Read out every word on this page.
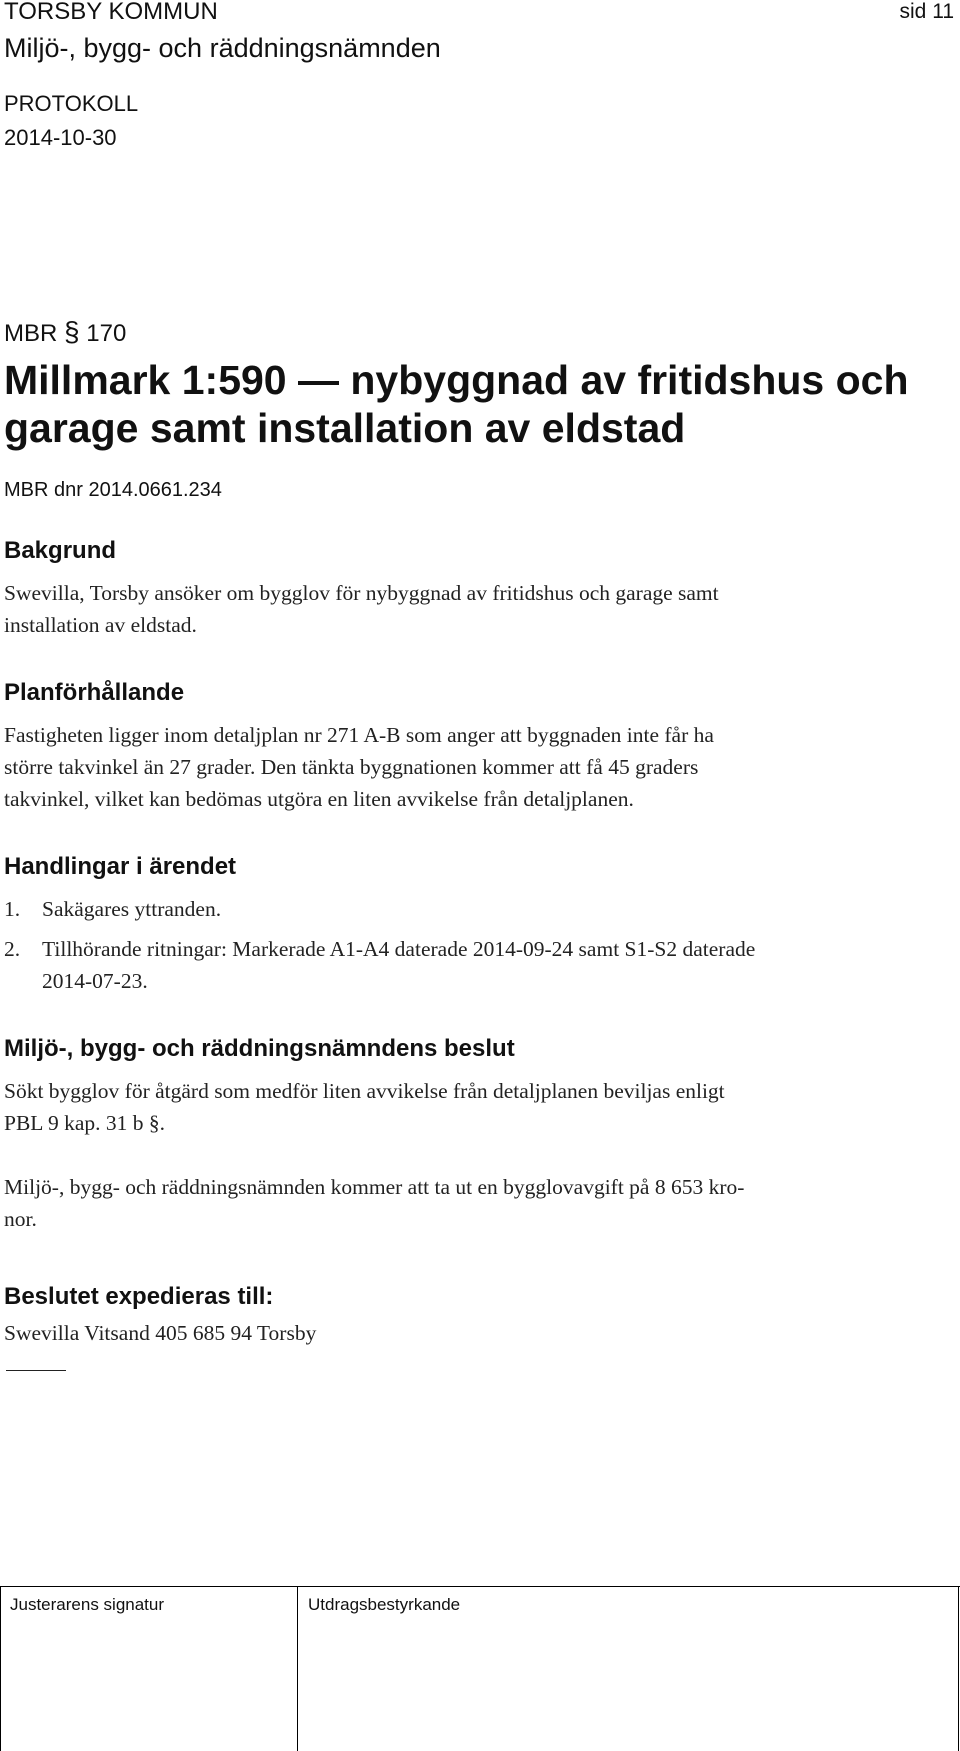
TORSBY KOMMUN	sid 11
Miljö-, bygg- och räddningsnämnden
PROTOKOLL
2014-10-30
MBR § 170
Millmark 1:590 — nybyggnad av fritidshus och
garage samt installation av eldstad
MBR dnr 2014.0661.234
Bakgrund
Swevilla, Torsby ansöker om bygglov för nybyggnad av fritidshus och garage samt
installation av eldstad.
Planförhållande
Fastigheten ligger inom detaljplan nr 271 A-B som anger att byggnaden inte får ha
större takvinkel än 27 grader. Den tänkta byggnationen kommer att få 45 graders
takvinkel, vilket kan bedömas utgöra en liten avvikelse från detaljplanen.
Handlingar i ärendet
1. Sakägares yttranden.
2. Tillhörande ritningar: Markerade A1-A4 daterade 2014-09-24 samt S1-S2 daterade
2014-07-23.
Miljö-, bygg- och räddningsnämndens beslut
Sökt bygglov för åtgärd som medför liten avvikelse från detaljplanen beviljas enligt
PBL 9 kap. 31 b §.
Miljö-, bygg- och räddningsnämnden kommer att ta ut en bygglovavgift på 8 653 kro-
nor.
Beslutet expedieras till:
Swevilla Vitsand 405 685 94 Torsby
Justerarens signatur	Utdragsbestyrkande
